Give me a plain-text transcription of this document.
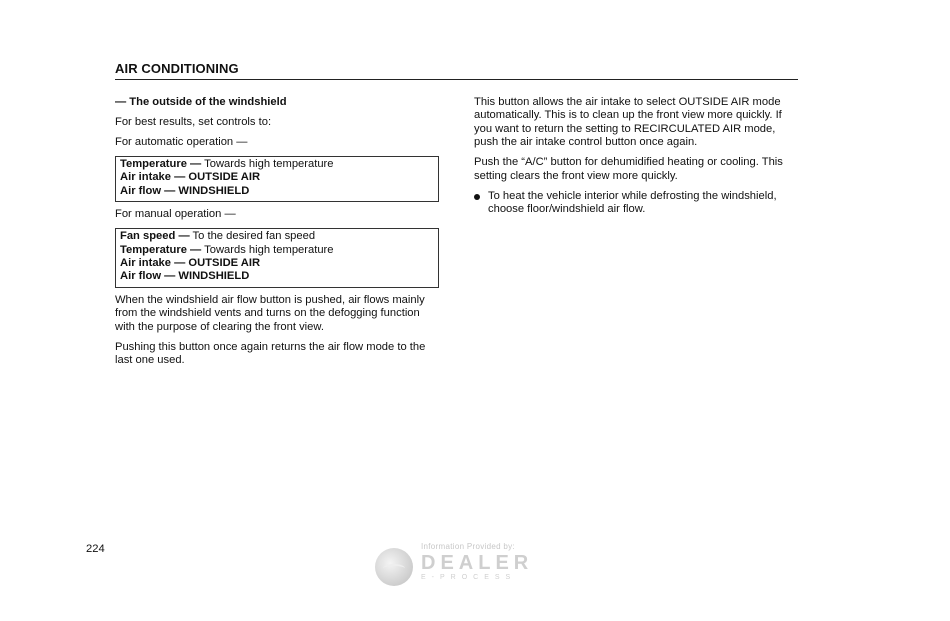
AIR CONDITIONING

— The outside of the windshield

For best results, set controls to:

For automatic operation —

Temperature — Towards high temperature
Air intake — OUTSIDE AIR
Air flow — WINDSHIELD

For manual operation —

Fan speed — To the desired fan speed
Temperature — Towards high temperature
Air intake — OUTSIDE AIR
Air flow — WINDSHIELD

When the windshield air flow button is pushed, air flows mainly from the windshield vents and turns on the defogging function with the purpose of clearing the front view.

Pushing this button once again returns the air flow mode to the last one used.

This button allows the air intake to select OUTSIDE AIR mode automatically. This is to clean up the front view more quickly. If you want to return the setting to RECIRCULATED AIR mode, push the air intake control button once again.

Push the “A/C” button for dehumidified heating or cooling. This setting clears the front view more quickly.

To heat the vehicle interior while defrosting the windshield, choose floor/windshield air flow.
224	Information Provided by:
DEALER
E-PROCESS
